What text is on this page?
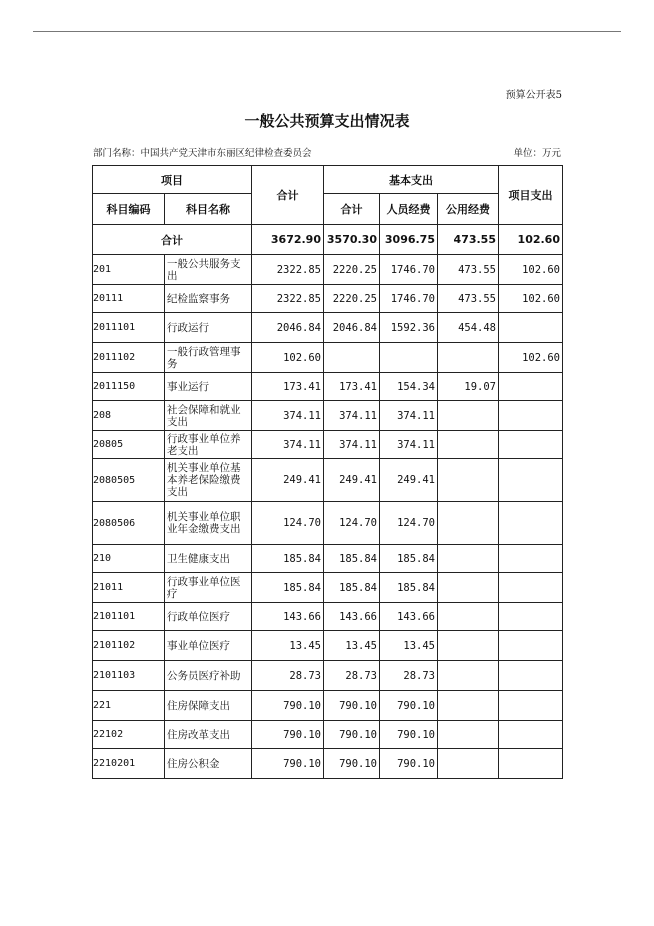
预算公开表5
一般公共预算支出情况表
部门名称：中国共产党天津市东丽区纪律检查委员会	单位：万元
项目		合计	基本支出			项目支出
科目编码	科目名称		合计	人员经费	公用经费	
合计		3672.90	3570.30	3096.75	473.55	102.60
201	一般公共服务支出	2322.85	2220.25	1746.70	473.55	102.60
20111	纪检监察事务	2322.85	2220.25	1746.70	473.55	102.60
2011101	行政运行	2046.84	2046.84	1592.36	454.48	
2011102	一般行政管理事务	102.60				102.60
2011150	事业运行	173.41	173.41	154.34	19.07	
208	社会保障和就业支出	374.11	374.11	374.11		
20805	行政事业单位养老支出	374.11	374.11	374.11		
2080505	机关事业单位基本养老保险缴费支出	249.41	249.41	249.41		
2080506	机关事业单位职业年金缴费支出	124.70	124.70	124.70		
210	卫生健康支出	185.84	185.84	185.84		
21011	行政事业单位医疗	185.84	185.84	185.84		
2101101	行政单位医疗	143.66	143.66	143.66		
2101102	事业单位医疗	13.45	13.45	13.45		
2101103	公务员医疗补助	28.73	28.73	28.73		
221	住房保障支出	790.10	790.10	790.10		
22102	住房改革支出	790.10	790.10	790.10		
2210201	住房公积金	790.10	790.10	790.10		
